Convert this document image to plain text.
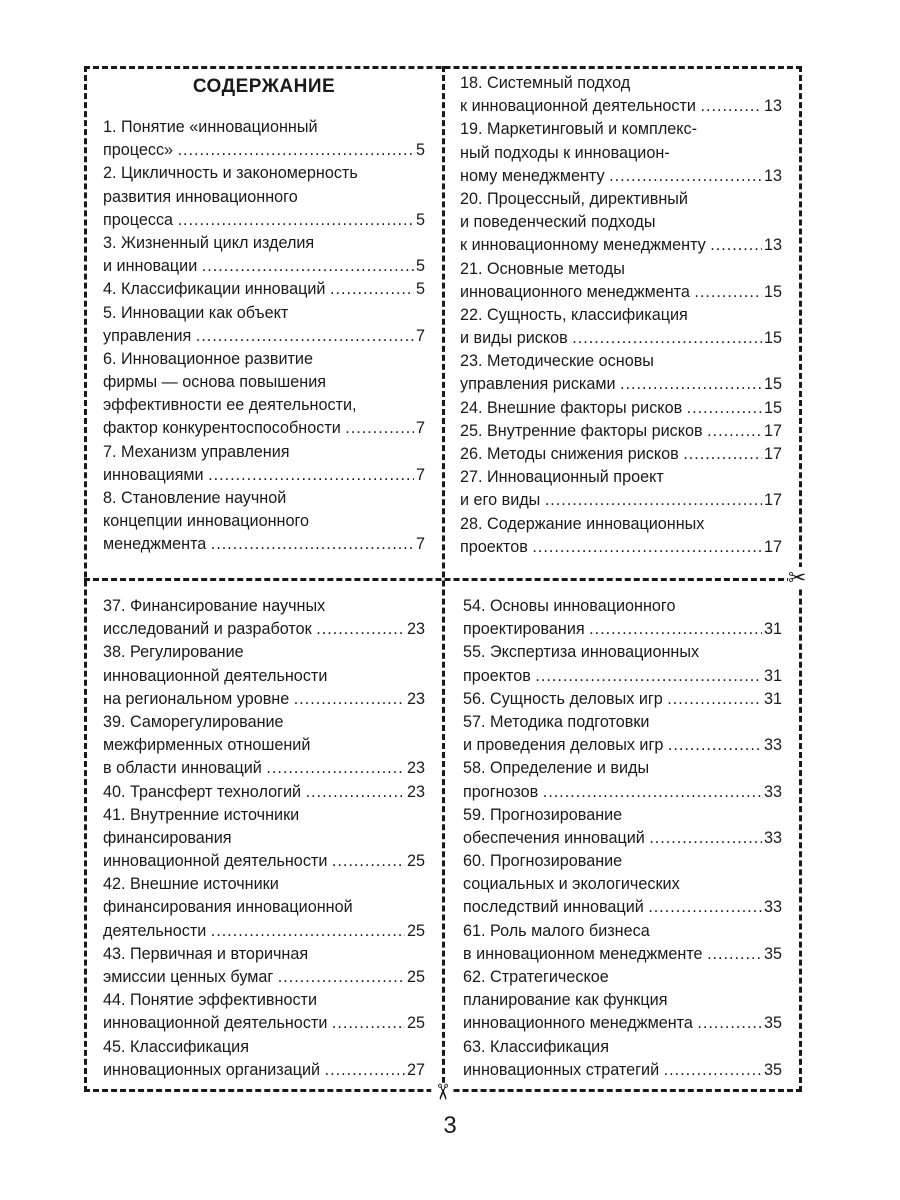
✂
✂
СОДЕРЖАНИЕ
1. Понятие «инновационный
процесс» .....	5
2. Цикличность и закономерность
развития инновационного
процесса .....	5
3. Жизненный цикл изделия
и инновации .....	5
4. Классификации инноваций .....	5
5. Инновации как объект
управления .....	7
6. Инновационное развитие
фирмы — основа повышения
эффективности ее деятельности,
фактор конкурентоспособности .....	7
7. Механизм управления
инновациями .....	7
8. Становление научной
концепции инновационного
менеджмента .....	7
18. Системный подход
к инновационной деятельности .....	13
19. Маркетинговый и комплекс-
ный подходы к инновацион-
ному менеджменту .....	13
20. Процессный, директивный
и поведенческий подходы
к инновационному менеджменту .....	13
21. Основные методы
инновационного менеджмента .....	15
22. Сущность, классификация
и виды рисков .....	15
23. Методические основы
управления рисками .....	15
24. Внешние факторы рисков .....	15
25. Внутренние факторы рисков .....	17
26. Методы снижения рисков .....	17
27. Инновационный проект
и его виды .....	17
28. Содержание инновационных
проектов .....	17
37. Финансирование научных
исследований и разработок .....	23
38. Регулирование
инновационной деятельности
на региональном уровне .....	23
39. Саморегулирование
межфирменных отношений
в области инноваций .....	23
40. Трансферт технологий .....	23
41. Внутренние источники
финансирования
инновационной деятельности .....	25
42. Внешние источники
финансирования инновационной
деятельности .....	25
43. Первичная и вторичная
эмиссии ценных бумаг .....	25
44. Понятие эффективности
инновационной деятельности .....	25
45. Классификация
инновационных организаций .....	27
54. Основы инновационного
проектирования .....	31
55. Экспертиза инновационных
проектов .....	31
56. Сущность деловых игр .....	31
57. Методика подготовки
и проведения деловых игр .....	33
58. Определение и виды
прогнозов .....	33
59. Прогнозирование
обеспечения инноваций .....	33
60. Прогнозирование
социальных и экологических
последствий инноваций .....	33
61. Роль малого бизнеса
в инновационном менеджменте .....	35
62. Стратегическое
планирование как функция
инновационного менеджмента .....	35
63. Классификация
инновационных стратегий .....	35
3
